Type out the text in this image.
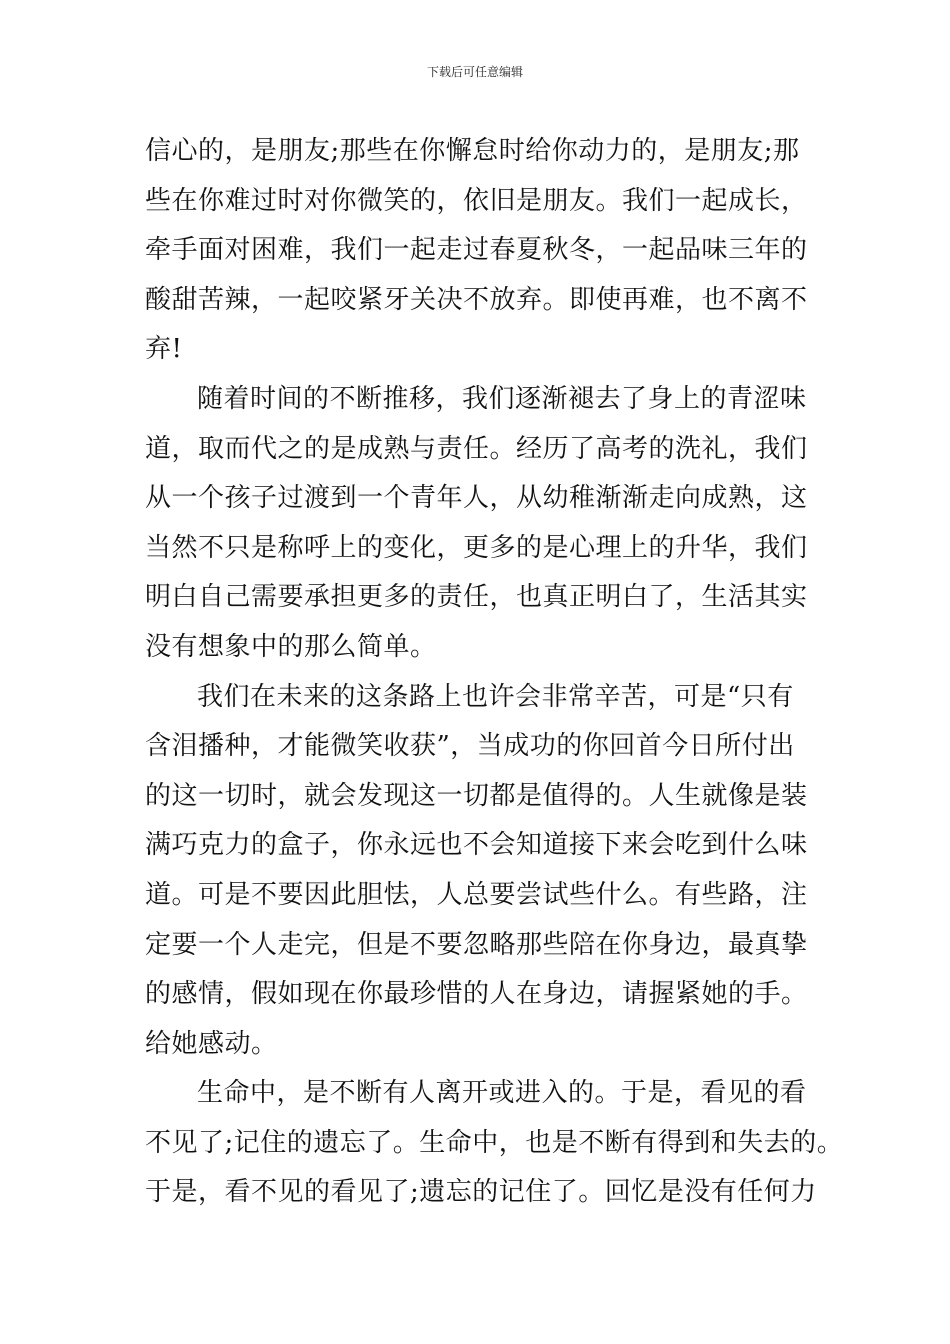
下载后可任意编辑
信心的，是朋友;那些在你懈怠时给你动力的，是朋友;那
些在你难过时对你微笑的，依旧是朋友。我们一起成长，
牵手面对困难，我们一起走过春夏秋冬，一起品味三年的
酸甜苦辣，一起咬紧牙关决不放弃。即使再难，也不离不
弃!
随着时间的不断推移，我们逐渐褪去了身上的青涩味
道，取而代之的是成熟与责任。经历了高考的洗礼，我们
从一个孩子过渡到一个青年人，从幼稚渐渐走向成熟，这
当然不只是称呼上的变化，更多的是心理上的升华，我们
明白自己需要承担更多的责任，也真正明白了，生活其实
没有想象中的那么简单。
我们在未来的这条路上也许会非常辛苦，可是“只有
含泪播种，才能微笑收获”，当成功的你回首今日所付出
的这一切时，就会发现这一切都是值得的。人生就像是装
满巧克力的盒子，你永远也不会知道接下来会吃到什么味
道。可是不要因此胆怯，人总要尝试些什么。有些路，注
定要一个人走完，但是不要忽略那些陪在你身边，最真挚
的感情，假如现在你最珍惜的人在身边，请握紧她的手。
给她感动。
生命中，是不断有人离开或进入的。于是，看见的看
不见了;记住的遗忘了。生命中，也是不断有得到和失去的。
于是，看不见的看见了;遗忘的记住了。回忆是没有任何力
